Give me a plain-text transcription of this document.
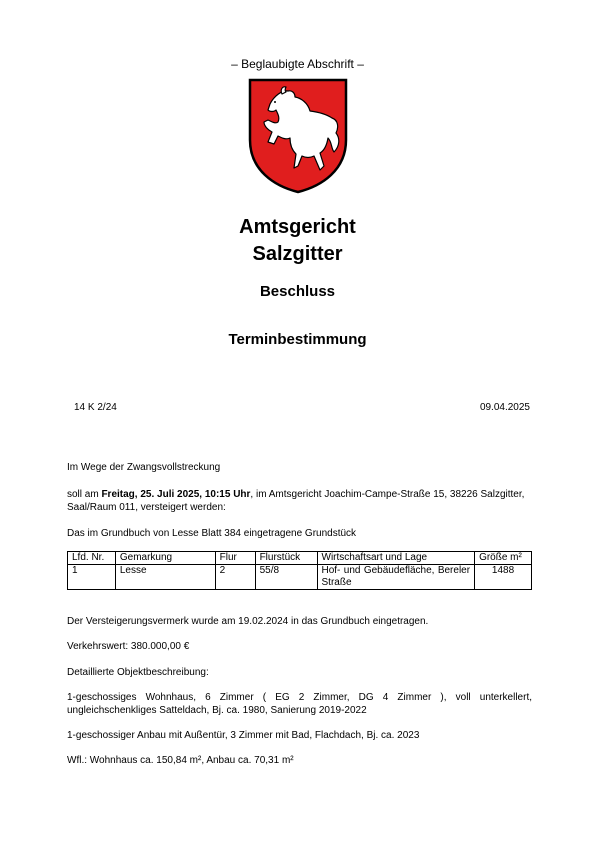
– Beglaubigte Abschrift –
Amtsgericht
Salzgitter
Beschluss
Terminbestimmung
14 K 2/24	09.04.2025
Im Wege der Zwangsvollstreckung
soll am Freitag, 25. Juli 2025, 10:15 Uhr, im Amtsgericht Joachim-Campe-Straße 15, 38226 Salzgitter, Saal/Raum 011, versteigert werden:
Das im Grundbuch von Lesse Blatt 384 eingetragene Grundstück
Lfd. Nr.	Gemarkung	Flur	Flurstück	Wirtschaftsart und Lage	Größe m²
1	Lesse	2	55/8	Hof- und Gebäudefläche, Bereler Straße	1488
Der Versteigerungsvermerk wurde am 19.02.2024 in das Grundbuch eingetragen.
Verkehrswert: 380.000,00 €
Detaillierte Objektbeschreibung:
1-geschossiges Wohnhaus, 6 Zimmer ( EG 2 Zimmer, DG 4 Zimmer ), voll unterkellert, ungleichschenkliges Satteldach, Bj. ca. 1980, Sanierung 2019-2022
1-geschossiger Anbau mit Außentür, 3 Zimmer mit Bad, Flachdach, Bj. ca. 2023
Wfl.: Wohnhaus ca. 150,84 m², Anbau ca. 70,31 m²
